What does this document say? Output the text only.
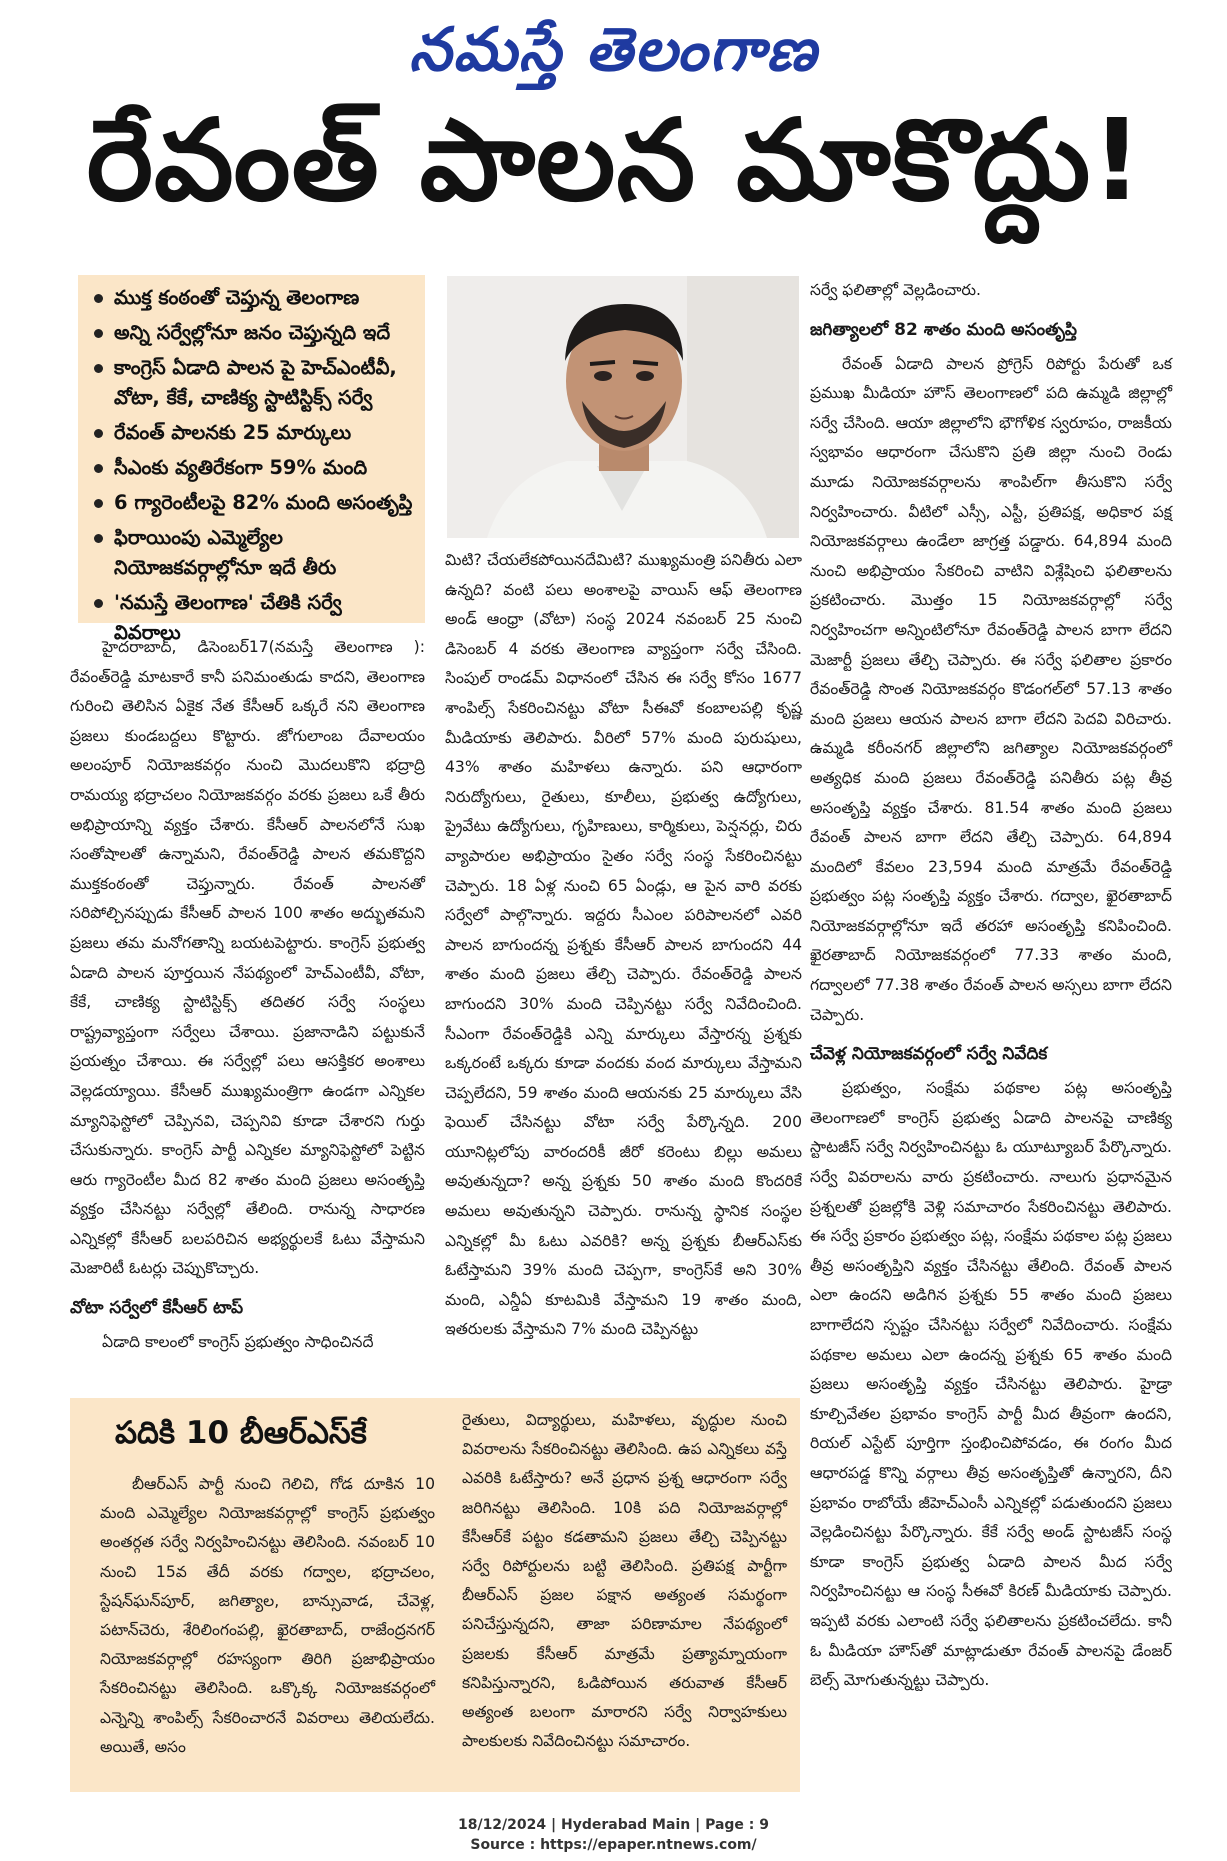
నమస్తే తెలంగాణ
రేవంత్ పాలన మాకొద్దు!
ముక్త కంఠంతో చెప్తున్న తెలంగాణ
అన్ని సర్వేల్లోనూ జనం చెప్తున్నది ఇదే
కాంగ్రెస్ ఏడాది పాలన పై హెచ్ఎంటీవీ, వోటా, కేకే, చాణిక్య స్టాటిస్టిక్స్ సర్వే
రేవంత్ పాలనకు 25 మార్కులు
సీఎంకు వ్యతిరేకంగా 59% మంది
6 గ్యారెంటీలపై 82% మంది అసంతృప్తి
ఫిరాయింపు ఎమ్మెల్యేల నియోజకవర్గాల్లోనూ ఇదే తీరు
'నమస్తే తెలంగాణ' చేతికి సర్వే వివరాలు

హైదరాబాద్, డిసెంబర్17(నమస్తే తెలంగాణ ): రేవంత్‌రెడ్డి మాటకారే కానీ పనిమంతుడు కాదని, తెలంగాణ గురించి తెలిసిన ఏకైక నేత కేసీఆర్ ఒక్కరే నని తెలంగాణ ప్రజలు కుండబద్దలు కొట్టారు. జోగులాంబ దేవాలయం అలంపూర్ నియోజకవర్గం నుంచి మొదలుకొని భద్రాద్రి రామయ్య భద్రాచలం నియోజకవర్గం వరకు ప్రజలు ఒకే తీరు అభిప్రాయాన్ని వ్యక్తం చేశారు. కేసీఆర్ పాలనలోనే సుఖ సంతోషాలతో ఉన్నామని, రేవంత్‌రెడ్డి పాలన తమకొద్దని ముక్తకంఠంతో చెప్తున్నారు. రేవంత్ పాలనతో సరిపోల్చినప్పుడు కేసీఆర్ పాలన 100 శాతం అద్భుతమని ప్రజలు తమ మనోగతాన్ని బయటపెట్టారు. కాంగ్రెస్ ప్రభుత్వ ఏడాది పాలన పూర్తయిన నేపథ్యంలో హెచ్ఎంటీవీ, వోటా, కేకే, చాణిక్య స్టాటిస్టిక్స్ తదితర సర్వే సంస్థలు రాష్ట్రవ్యాప్తంగా సర్వేలు చేశాయి. ప్రజానాడిని పట్టుకునే ప్రయత్నం చేశాయి. ఈ సర్వేల్లో పలు ఆసక్తికర అంశాలు వెల్లడయ్యాయి. కేసీఆర్ ముఖ్యమంత్రిగా ఉండగా ఎన్నికల మ్యానిఫెస్టోలో చెప్పినవి, చెప్పనివి కూడా చేశారని గుర్తు చేసుకున్నారు. కాంగ్రెస్ పార్టీ ఎన్నికల మ్యానిఫెస్టోలో పెట్టిన ఆరు గ్యారెంటీల మీద 82 శాతం మంది ప్రజలు అసంతృప్తి వ్యక్తం చేసినట్టు సర్వేల్లో తేలింది. రానున్న సాధారణ ఎన్నికల్లో కేసీఆర్ బలపరిచిన అభ్యర్థులకే ఓటు వేస్తామని మెజారిటీ ఓటర్లు చెప్పుకొచ్చారు.

వోటా సర్వేలో కేసీఆర్ టాప్

ఏడాది కాలంలో కాంగ్రెస్ ప్రభుత్వం సాధించినదే

మిటి? చేయలేకపోయినదేమిటి? ముఖ్యమంత్రి పనితీరు ఎలా ఉన్నది? వంటి పలు అంశాలపై వాయిస్ ఆఫ్ తెలంగాణ అండ్ ఆంధ్రా (వోటా) సంస్థ 2024 నవంబర్ 25 నుంచి డిసెంబర్ 4 వరకు తెలంగాణ వ్యాప్తంగా సర్వే చేసింది. సింపుల్ రాండమ్ విధానంలో చేసిన ఈ సర్వే కోసం 1677 శాంపిల్స్ సేకరించినట్టు వోటా సీఈవో కంబాలపల్లి కృష్ణ మీడియాకు తెలిపారు. వీరిలో 57% మంది పురుషులు, 43% శాతం మహిళలు ఉన్నారు. పని ఆధారంగా నిరుద్యోగులు, రైతులు, కూలీలు, ప్రభుత్వ ఉద్యోగులు, ప్రైవేటు ఉద్యోగులు, గృహిణులు, కార్మికులు, పెన్షనర్లు, చిరు వ్యాపారుల అభిప్రాయం సైతం సర్వే సంస్థ సేకరించినట్టు చెప్పారు. 18 ఏళ్ల నుంచి 65 ఏండ్లు, ఆ పైన వారి వరకు సర్వేలో పాల్గొన్నారు. ఇద్దరు సీఎంల పరిపాలనలో ఎవరి పాలన బాగుందన్న ప్రశ్నకు కేసీఆర్ పాలన బాగుందని 44 శాతం మంది ప్రజలు తేల్చి చెప్పారు. రేవంత్‌రెడ్డి పాలన బాగుందని 30% మంది చెప్పినట్టు సర్వే నివేదించింది. సీఎంగా రేవంత్‌రెడ్డికి ఎన్ని మార్కులు వేస్తారన్న ప్రశ్నకు ఒక్కరంటే ఒక్కరు కూడా వందకు వంద మార్కులు వేస్తామని చెప్పలేదని, 59 శాతం మంది ఆయనకు 25 మార్కులు వేసి ఫెయిల్ చేసినట్టు వోటా సర్వే పేర్కొన్నది. 200 యూనిట్లలోపు వారందరికీ జీరో కరెంటు బిల్లు అమలు అవుతున్నదా? అన్న ప్రశ్నకు 50 శాతం మంది కొందరికే అమలు అవుతున్నని చెప్పారు. రానున్న స్థానిక సంస్థల ఎన్నికల్లో మీ ఓటు ఎవరికి? అన్న ప్రశ్నకు బీఆర్ఎస్‌కు ఓటేస్తామని 39% మంది చెప్పగా, కాంగ్రెస్‌కే అని 30% మంది, ఎన్డీఏ కూటమికి వేస్తామని 19 శాతం మంది, ఇతరులకు వేస్తామని 7% మంది చెప్పినట్టు

సర్వే ఫలితాల్లో వెల్లడించారు.

జగిత్యాలలో 82 శాతం మంది అసంతృప్తి

రేవంత్ ఏడాది పాలన ప్రోగ్రెస్ రిపోర్టు పేరుతో ఒక ప్రముఖ మీడియా హౌస్ తెలంగాణలో పది ఉమ్మడి జిల్లాల్లో సర్వే చేసింది. ఆయా జిల్లాలోని భౌగోళిక స్వరూపం, రాజకీయ స్వభావం ఆధారంగా చేసుకొని ప్రతి జిల్లా నుంచి రెండు మూడు నియోజకవర్గాలను శాంపిల్‌గా తీసుకొని సర్వే నిర్వహించారు. వీటిలో ఎస్సీ, ఎస్టీ, ప్రతిపక్ష, అధికార పక్ష నియోజకవర్గాలు ఉండేలా జాగ్రత్త పడ్డారు. 64,894 మంది నుంచి అభిప్రాయం సేకరించి వాటిని విశ్లేషించి ఫలితాలను ప్రకటించారు. మొత్తం 15 నియోజకవర్గాల్లో సర్వే నిర్వహించగా అన్నింటిలోనూ రేవంత్‌రెడ్డి పాలన బాగా లేదని మెజార్టీ ప్రజలు తేల్చి చెప్పారు. ఈ సర్వే ఫలితాల ప్రకారం రేవంత్‌రెడ్డి సొంత నియోజకవర్గం కొడంగల్‌లో 57.13 శాతం మంది ప్రజలు ఆయన పాలన బాగా లేదని పెదవి విరిచారు. ఉమ్మడి కరీంనగర్ జిల్లాలోని జగిత్యాల నియోజకవర్గంలో అత్యధిక మంది ప్రజలు రేవంత్‌రెడ్డి పనితీరు పట్ల తీవ్ర అసంతృప్తి వ్యక్తం చేశారు. 81.54 శాతం మంది ప్రజలు రేవంత్ పాలన బాగా లేదని తేల్చి చెప్పారు. 64,894 మందిలో కేవలం 23,594 మంది మాత్రమే రేవంత్‌రెడ్డి ప్రభుత్వం పట్ల సంతృప్తి వ్యక్తం చేశారు. గద్వాల, ఖైరతాబాద్ నియోజకవర్గాల్లోనూ ఇదే తరహా అసంతృప్తి కనిపించింది. ఖైరతాబాద్ నియోజకవర్గంలో 77.33 శాతం మంది, గద్వాలలో 77.38 శాతం రేవంత్ పాలన అస్సలు బాగా లేదని చెప్పారు.

చేవెళ్ల నియోజకవర్గంలో సర్వే నివేదిక

ప్రభుత్వం, సంక్షేమ పథకాల పట్ల అసంతృప్తి తెలంగాణలో కాంగ్రెస్ ప్రభుత్వ ఏడాది పాలనపై చాణిక్య స్టాటజీస్ సర్వే నిర్వహించినట్టు ఓ యూట్యూబర్ పేర్కొన్నారు. సర్వే వివరాలను వారు ప్రకటించారు. నాలుగు ప్రధానమైన ప్రశ్నలతో ప్రజల్లోకి వెళ్లి సమాచారం సేకరించినట్టు తెలిపారు. ఈ సర్వే ప్రకారం ప్రభుత్వం పట్ల, సంక్షేమ పథకాల పట్ల ప్రజలు తీవ్ర అసంతృప్తిని వ్యక్తం చేసినట్టు తేలింది. రేవంత్ పాలన ఎలా ఉందని అడిగిన ప్రశ్నకు 55 శాతం మంది ప్రజలు బాగాలేదని స్పష్టం చేసినట్టు సర్వేలో నివేదించారు. సంక్షేమ పథకాల అమలు ఎలా ఉందన్న ప్రశ్నకు 65 శాతం మంది ప్రజలు అసంతృప్తి వ్యక్తం చేసినట్టు తెలిపారు. హైడ్రా కూల్చివేతల ప్రభావం కాంగ్రెస్ పార్టీ మీద తీవ్రంగా ఉందని, రియల్ ఎస్టేట్ పూర్తిగా స్తంభించిపోవడం, ఈ రంగం మీద ఆధారపడ్డ కొన్ని వర్గాలు తీవ్ర అసంతృప్తితో ఉన్నారని, దీని ప్రభావం రాబోయే జీహెచ్ఎంసీ ఎన్నికల్లో పడుతుందని ప్రజలు వెల్లడించినట్టు పేర్కొన్నారు. కేకే సర్వే అండ్ స్టాటజీస్ సంస్థ కూడా కాంగ్రెస్ ప్రభుత్వ ఏడాది పాలన మీద సర్వే నిర్వహించినట్టు ఆ సంస్థ సీఈవో కిరణ్ మీడియాకు చెప్పారు. ఇప్పటి వరకు ఎలాంటి సర్వే ఫలితాలను ప్రకటించలేదు. కానీ ఓ మీడియా హౌస్‌తో మాట్లాడుతూ రేవంత్ పాలనపై డేంజర్ బెల్స్ మోగుతున్నట్టు చెప్పారు.

పదికి 10 బీఆర్ఎస్‌కే

బీఆర్ఎస్ పార్టీ నుంచి గెలిచి, గోడ దూకిన 10 మంది ఎమ్మెల్యేల నియోజకవర్గాల్లో కాంగ్రెస్ ప్రభుత్వం అంతర్గత సర్వే నిర్వహించినట్టు తెలిసింది. నవంబర్ 10 నుంచి 15వ తేదీ వరకు గద్వాల, భద్రాచలం, స్టేషన్‌ఘన్‌పూర్, జగిత్యాల, బాన్సువాడ, చేవెళ్ల, పటాన్‌చెరు, శేరిలింగంపల్లి, ఖైరతాబాద్, రాజేంద్రనగర్ నియోజకవర్గాల్లో రహస్యంగా తిరిగి ప్రజాభిప్రాయం సేకరించినట్టు తెలిసింది. ఒక్కొక్క నియోజకవర్గంలో ఎన్నెన్ని శాంపిల్స్ సేకరించారనే వివరాలు తెలియలేదు. అయితే, అసం

రైతులు, విద్యార్థులు, మహిళలు, వృద్ధుల నుంచి వివరాలను సేకరించినట్టు తెలిసింది. ఉప ఎన్నికలు వస్తే ఎవరికి ఓటేస్తారు? అనే ప్రధాన ప్రశ్న ఆధారంగా సర్వే జరిగినట్టు తెలిసింది. 10కి పది నియోజవర్గాల్లో కేసీఆర్‌కే పట్టం కడతామని ప్రజలు తేల్చి చెప్పినట్టు సర్వే రిపోర్టులను బట్టి తెలిసింది. ప్రతిపక్ష పార్టీగా బీఆర్ఎస్ ప్రజల పక్షాన అత్యంత సమర్థంగా పనిచేస్తున్నదని, తాజా పరిణామాల నేపథ్యంలో ప్రజలకు కేసీఆర్ మాత్రమే ప్రత్యామ్నాయంగా కనిపిస్తున్నారని, ఓడిపోయిన తరువాత కేసీఆర్ అత్యంత బలంగా మారారని సర్వే నిర్వాహకులు పాలకులకు నివేదించినట్టు సమాచారం.

18/12/2024 | Hyderabad Main | Page : 9
Source : https://epaper.ntnews.com/
